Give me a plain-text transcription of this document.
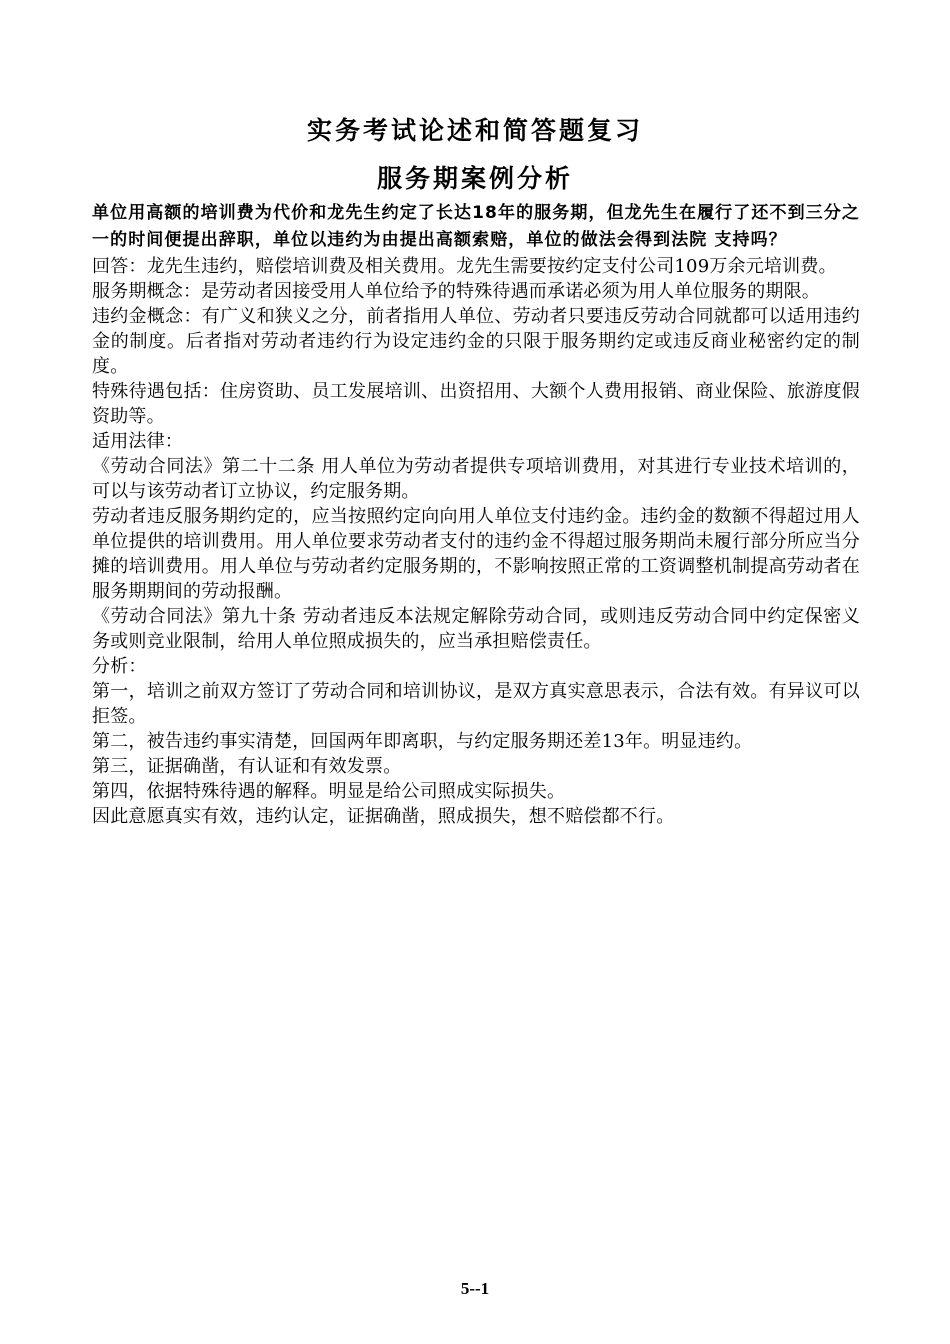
实务考试论述和简答题复习
服务期案例分析

单位用高额的培训费为代价和龙先生约定了长达18年的服务期，但龙先生在履行了还不到三分之一的时间便提出辞职，单位以违约为由提出高额索赔，单位的做法会得到法院 支持吗？

回答：龙先生违约，赔偿培训费及相关费用。龙先生需要按约定支付公司109万余元培训费。

服务期概念：是劳动者因接受用人单位给予的特殊待遇而承诺必须为用人单位服务的期限。

违约金概念：有广义和狭义之分，前者指用人单位、劳动者只要违反劳动合同就都可以适用违约金的制度。后者指对劳动者违约行为设定违约金的只限于服务期约定或违反商业秘密约定的制度。

特殊待遇包括：住房资助、员工发展培训、出资招用、大额个人费用报销、商业保险、旅游度假资助等。

适用法律：

《劳动合同法》第二十二条 用人单位为劳动者提供专项培训费用，对其进行专业技术培训的，可以与该劳动者订立协议，约定服务期。

劳动者违反服务期约定的，应当按照约定向向用人单位支付违约金。违约金的数额不得超过用人单位提供的培训费用。用人单位要求劳动者支付的违约金不得超过服务期尚未履行部分所应当分摊的培训费用。用人单位与劳动者约定服务期的，不影响按照正常的工资调整机制提高劳动者在服务期期间的劳动报酬。

《劳动合同法》第九十条 劳动者违反本法规定解除劳动合同，或则违反劳动合同中约定保密义务或则竞业限制，给用人单位照成损失的，应当承担赔偿责任。

分析：

第一，培训之前双方签订了劳动合同和培训协议，是双方真实意思表示，合法有效。有异议可以拒签。

第二，被告违约事实清楚，回国两年即离职，与约定服务期还差13年。明显违约。

第三，证据确凿，有认证和有效发票。

第四，依据特殊待遇的解释。明显是给公司照成实际损失。

因此意愿真实有效，违约认定，证据确凿，照成损失，想不赔偿都不行。

5--1
